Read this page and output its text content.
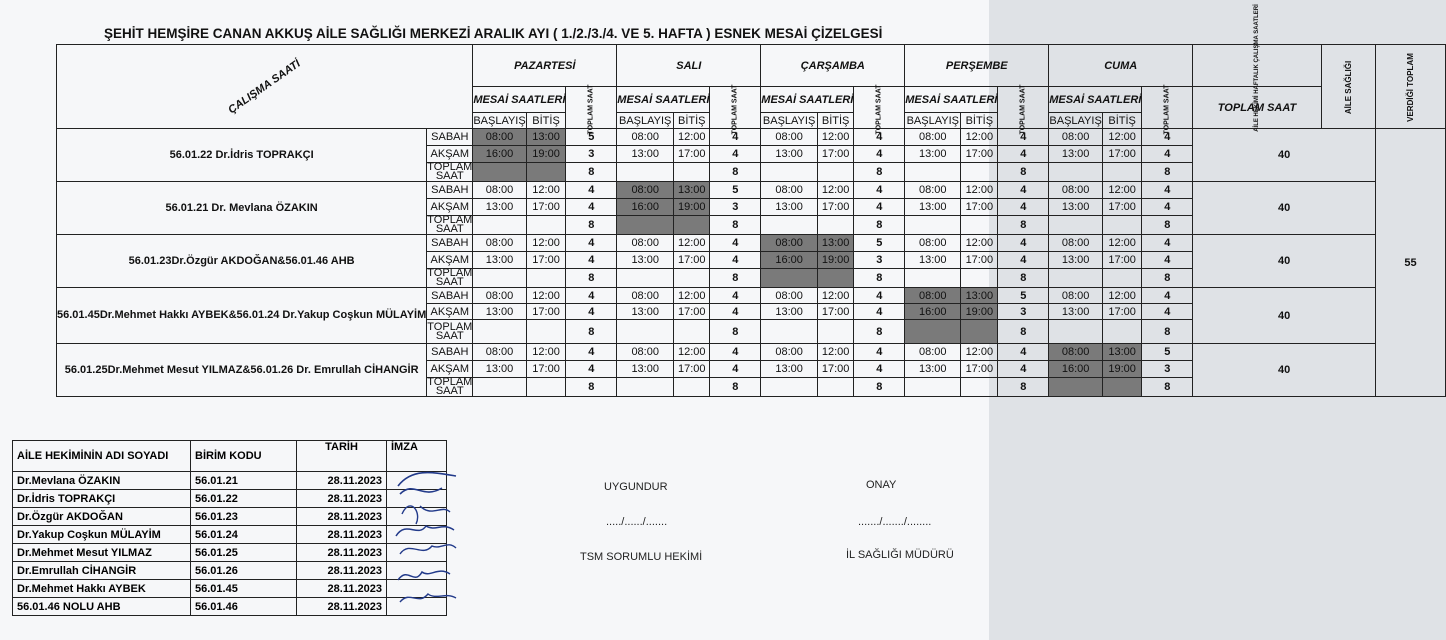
ŞEHİT HEMŞİRE CANAN AKKUŞ AİLE SAĞLIĞI MERKEZİ ARALIK AYI ( 1./2./3./4. VE 5. HAFTA ) ESNEK MESAİ ÇİZELGESİ
ÇALIŞMA SAATİ		PAZARTESİ			SALI			ÇARŞAMBA			PERŞEMBE			CUMA			AİLE HEKİMİ HAFTALIK ÇALIŞMA SAATLERİ	AİLE SAĞLIĞI	VERDİĞİ TOPLAM
		MESAİ SAATLERİ		TOPLAM SAAT	MESAİ SAATLERİ		TOPLAM SAAT	MESAİ SAATLERİ		TOPLAM SAAT	MESAİ SAATLERİ		TOPLAM SAAT	MESAİ SAATLERİ		TOPLAM SAAT	TOPLAM SAAT		
		BAŞLAYIŞ	BİTİŞ		BAŞLAYIŞ	BİTİŞ		BAŞLAYIŞ	BİTİŞ		BAŞLAYIŞ	BİTİŞ		BAŞLAYIŞ	BİTİŞ				
56.01.22 Dr.İdris TOPRAKÇI	SABAH	08:00	13:00	5	08:00	12:00	4	08:00	12:00	4	08:00	12:00	4	08:00	12:00	4	40		55
	AKŞAM	16:00	19:00	3	13:00	17:00	4	13:00	17:00	4	13:00	17:00	4	13:00	17:00	4			
	TOPLAM SAAT			8			8			8			8			8			
56.01.21 Dr. Mevlana ÖZAKIN	SABAH	08:00	12:00	4	08:00	13:00	5	08:00	12:00	4	08:00	12:00	4	08:00	12:00	4	40		
	AKŞAM	13:00	17:00	4	16:00	19:00	3	13:00	17:00	4	13:00	17:00	4	13:00	17:00	4			
	TOPLAM SAAT			8			8			8			8			8			
56.01.23Dr.Özgür AKDOĞAN&56.01.46 AHB	SABAH	08:00	12:00	4	08:00	12:00	4	08:00	13:00	5	08:00	12:00	4	08:00	12:00	4	40		
	AKŞAM	13:00	17:00	4	13:00	17:00	4	16:00	19:00	3	13:00	17:00	4	13:00	17:00	4			
	TOPLAM SAAT			8			8			8			8			8			
56.01.45Dr.Mehmet Hakkı AYBEK&56.01.24 Dr.Yakup Coşkun MÜLAYİM	SABAH	08:00	12:00	4	08:00	12:00	4	08:00	12:00	4	08:00	13:00	5	08:00	12:00	4	40		
	AKŞAM	13:00	17:00	4	13:00	17:00	4	13:00	17:00	4	16:00	19:00	3	13:00	17:00	4			
	TOPLAM SAAT			8			8			8			8			8			
56.01.25Dr.Mehmet Mesut YILMAZ&56.01.26 Dr. Emrullah CİHANGİR	SABAH	08:00	12:00	4	08:00	12:00	4	08:00	12:00	4	08:00	12:00	4	08:00	13:00	5	40		
	AKŞAM	13:00	17:00	4	13:00	17:00	4	13:00	17:00	4	13:00	17:00	4	16:00	19:00	3			
	TOPLAM SAAT			8			8			8			8			8			
AİLE HEKİMİNİN ADI SOYADI	BİRİM KODU	TARİH	İMZA
Dr.Mevlana ÖZAKIN	56.01.21	28.11.2023	
Dr.İdris TOPRAKÇI	56.01.22	28.11.2023	
Dr.Özgür AKDOĞAN	56.01.23	28.11.2023	
Dr.Yakup Coşkun MÜLAYİM	56.01.24	28.11.2023	
Dr.Mehmet Mesut YILMAZ	56.01.25	28.11.2023	
Dr.Emrullah CİHANGİR	56.01.26	28.11.2023	
Dr.Mehmet Hakkı AYBEK	56.01.45	28.11.2023	
56.01.46 NOLU AHB	56.01.46	28.11.2023	
UYGUNDUR	ONAY
...../....../.......	......./......./........
TSM SORUMLU HEKİMİ	İL SAĞLIĞI MÜDÜRÜ
